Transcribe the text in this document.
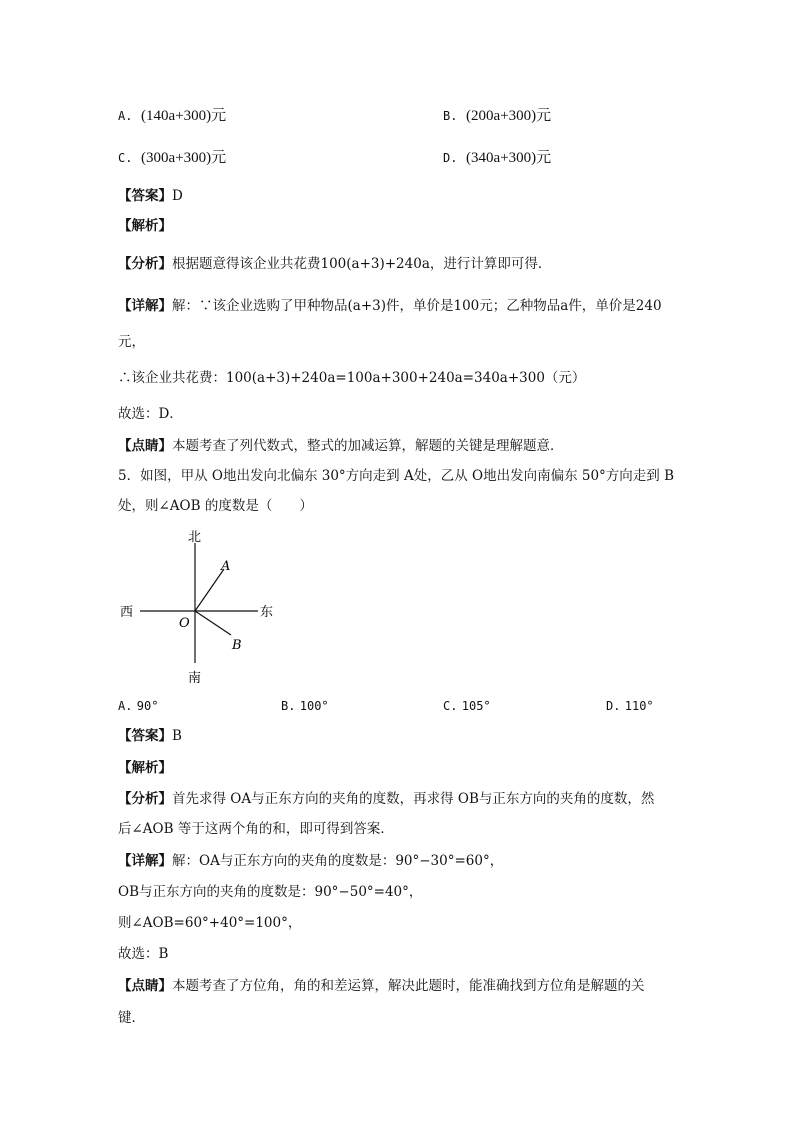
A. (140a+300)元	B. (200a+300)元
C. (300a+300)元	D. (340a+300)元
【答案】D
【解析】
【分析】根据题意得该企业共花费100(a+3)+240a，进行计算即可得．
【详解】解：∵该企业选购了甲种物品(a+3)件，单价是100元；乙种物品a件，单价是240
元，
∴该企业共花费：100(a+3)+240a=100a+300+240a=340a+300（元）
故选：D．
【点睛】本题考查了列代数式，整式的加减运算，解题的关键是理解题意．
5．如图，甲从 O地出发向北偏东 30°方向走到 A处，乙从 O地出发向南偏东 50°方向走到 B
处，则∠AOB 的度数是（　　）
北
南
东
西
O
A
B
A. 90°	B. 100°	C. 105°	D. 110°
【答案】B
【解析】
【分析】首先求得 OA与正东方向的夹角的度数，再求得 OB与正东方向的夹角的度数，然
后∠AOB 等于这两个角的和，即可得到答案．
【详解】解：OA与正东方向的夹角的度数是：90°−30°=60°，
OB与正东方向的夹角的度数是：90°−50°=40°，
则∠AOB=60°+40°=100°，
故选：B
【点睛】本题考查了方位角，角的和差运算，解决此题时，能准确找到方位角是解题的关
键．
